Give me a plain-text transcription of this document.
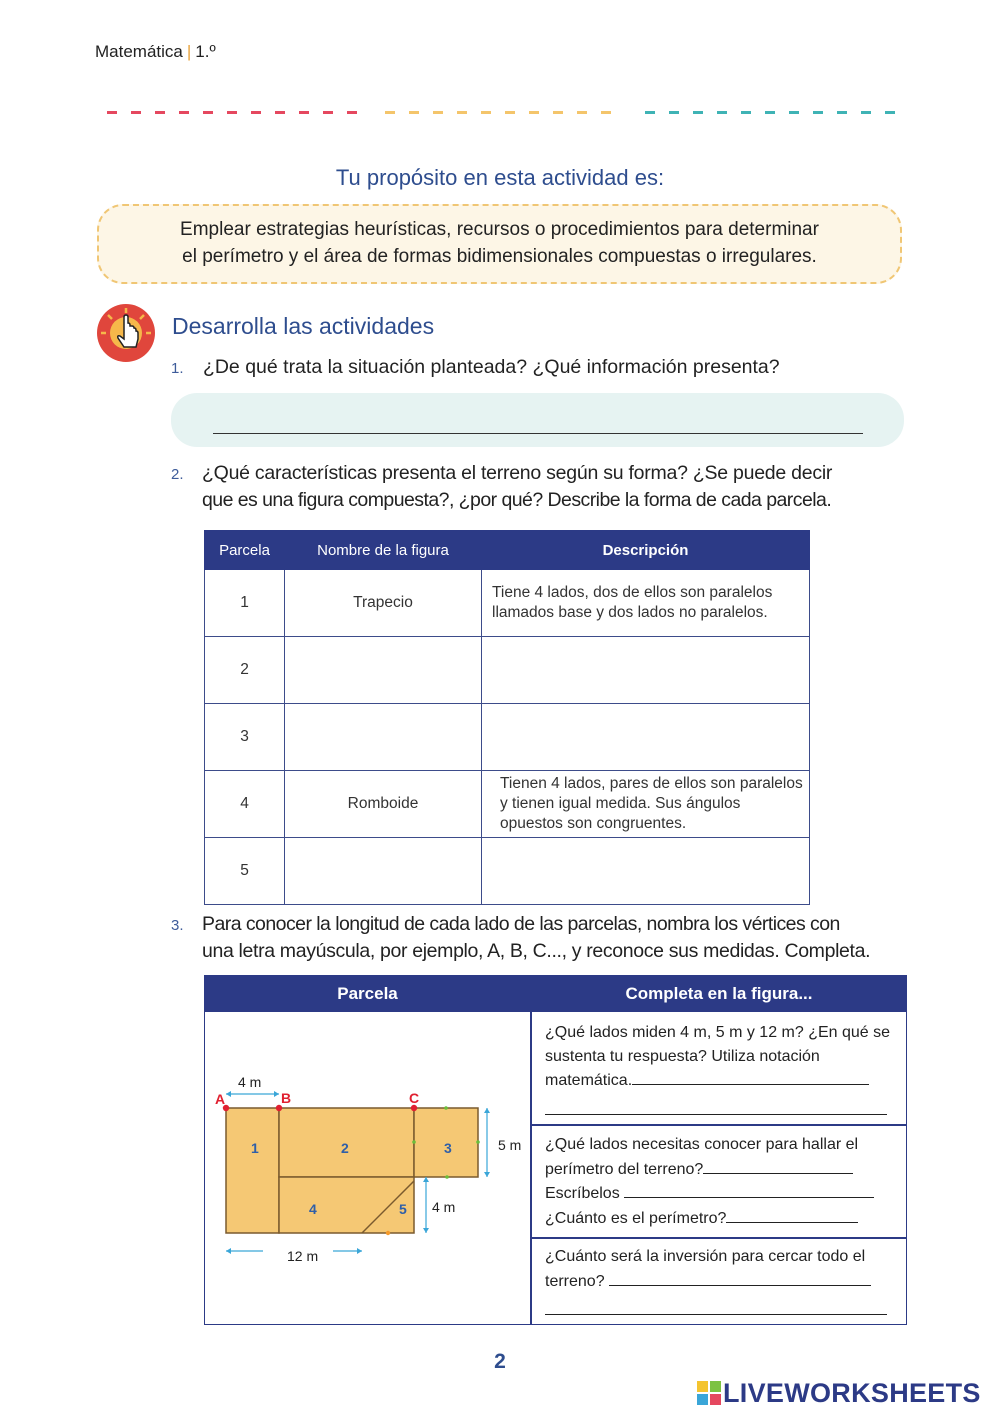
Matemática | 1.º
Tu propósito en esta actividad es:
Emplear estrategias heurísticas, recursos o procedimientos para determinar
el perímetro y el área de formas bidimensionales compuestas o irregulares.
Desarrolla las actividades
1. ¿De qué trata la situación planteada? ¿Qué información presenta?
2. ¿Qué características presenta el terreno según su forma? ¿Se puede decir
que es una figura compuesta?, ¿por qué? Describe la forma de cada parcela.
Parcela	Nombre de la figura	Descripción
1	Trapecio	Tiene 4 lados, dos de ellos son paralelos llamados base y dos lados no paralelos.
2		
3		
4	Romboide	Tienen 4 lados, pares de ellos son paralelos y tienen igual medida. Sus ángulos opuestos son congruentes.
5		
3. Para conocer la longitud de cada lado de las parcelas, nombra los vértices con
una letra mayúscula, por ejemplo, A, B, C..., y reconoce sus medidas. Completa.
Parcela	Completa en la figura...
A	B	C
1	2	3
4	5
4 m
5 m
4 m
12 m
¿Qué lados miden 4 m, 5 m y 12 m? ¿En qué se sustenta tu respuesta? Utiliza notación
matemática.
¿Qué lados necesitas conocer para hallar el
perímetro del terreno?
Escríbelos
¿Cuánto es el perímetro?
¿Cuánto será la inversión para cercar todo el
terreno?
2
LIVEWORKSHEETS
